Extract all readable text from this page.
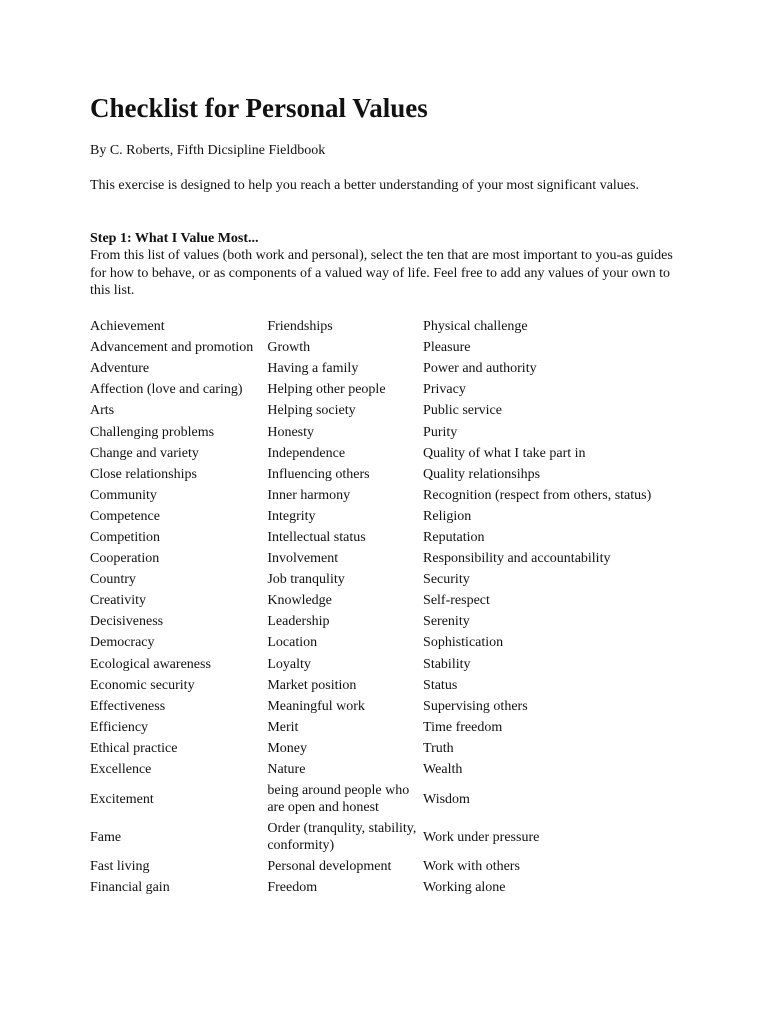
Checklist for Personal Values

By C. Roberts, Fifth Dicsipline Fieldbook

This exercise is designed to help you reach a better understanding of your most significant values.

Step 1: What I Value Most...

From this list of values (both work and personal), select the ten that are most important to you-as guides for how to behave, or as components of a valued way of life. Feel free to add any values of your own to this list.

Achievement	Friendships	Physical challenge
Advancement and promotion	Growth	Pleasure
Adventure	Having a family	Power and authority
Affection (love and caring)	Helping other people	Privacy
Arts	Helping society	Public service
Challenging problems	Honesty	Purity
Change and variety	Independence	Quality of what I take part in
Close relationships	Influencing others	Quality relationsihps
Community	Inner harmony	Recognition (respect from others, status)
Competence	Integrity	Religion
Competition	Intellectual status	Reputation
Cooperation	Involvement	Responsibility and accountability
Country	Job tranqulity	Security
Creativity	Knowledge	Self-respect
Decisiveness	Leadership	Serenity
Democracy	Location	Sophistication
Ecological awareness	Loyalty	Stability
Economic security	Market position	Status
Effectiveness	Meaningful work	Supervising others
Efficiency	Merit	Time freedom
Ethical practice	Money	Truth
Excellence	Nature	Wealth
Excitement	being around people who are open and honest	Wisdom
Fame	Order (tranqulity, stability, conformity)	Work under pressure
Fast living	Personal development	Work with others
Financial gain	Freedom	Working alone
